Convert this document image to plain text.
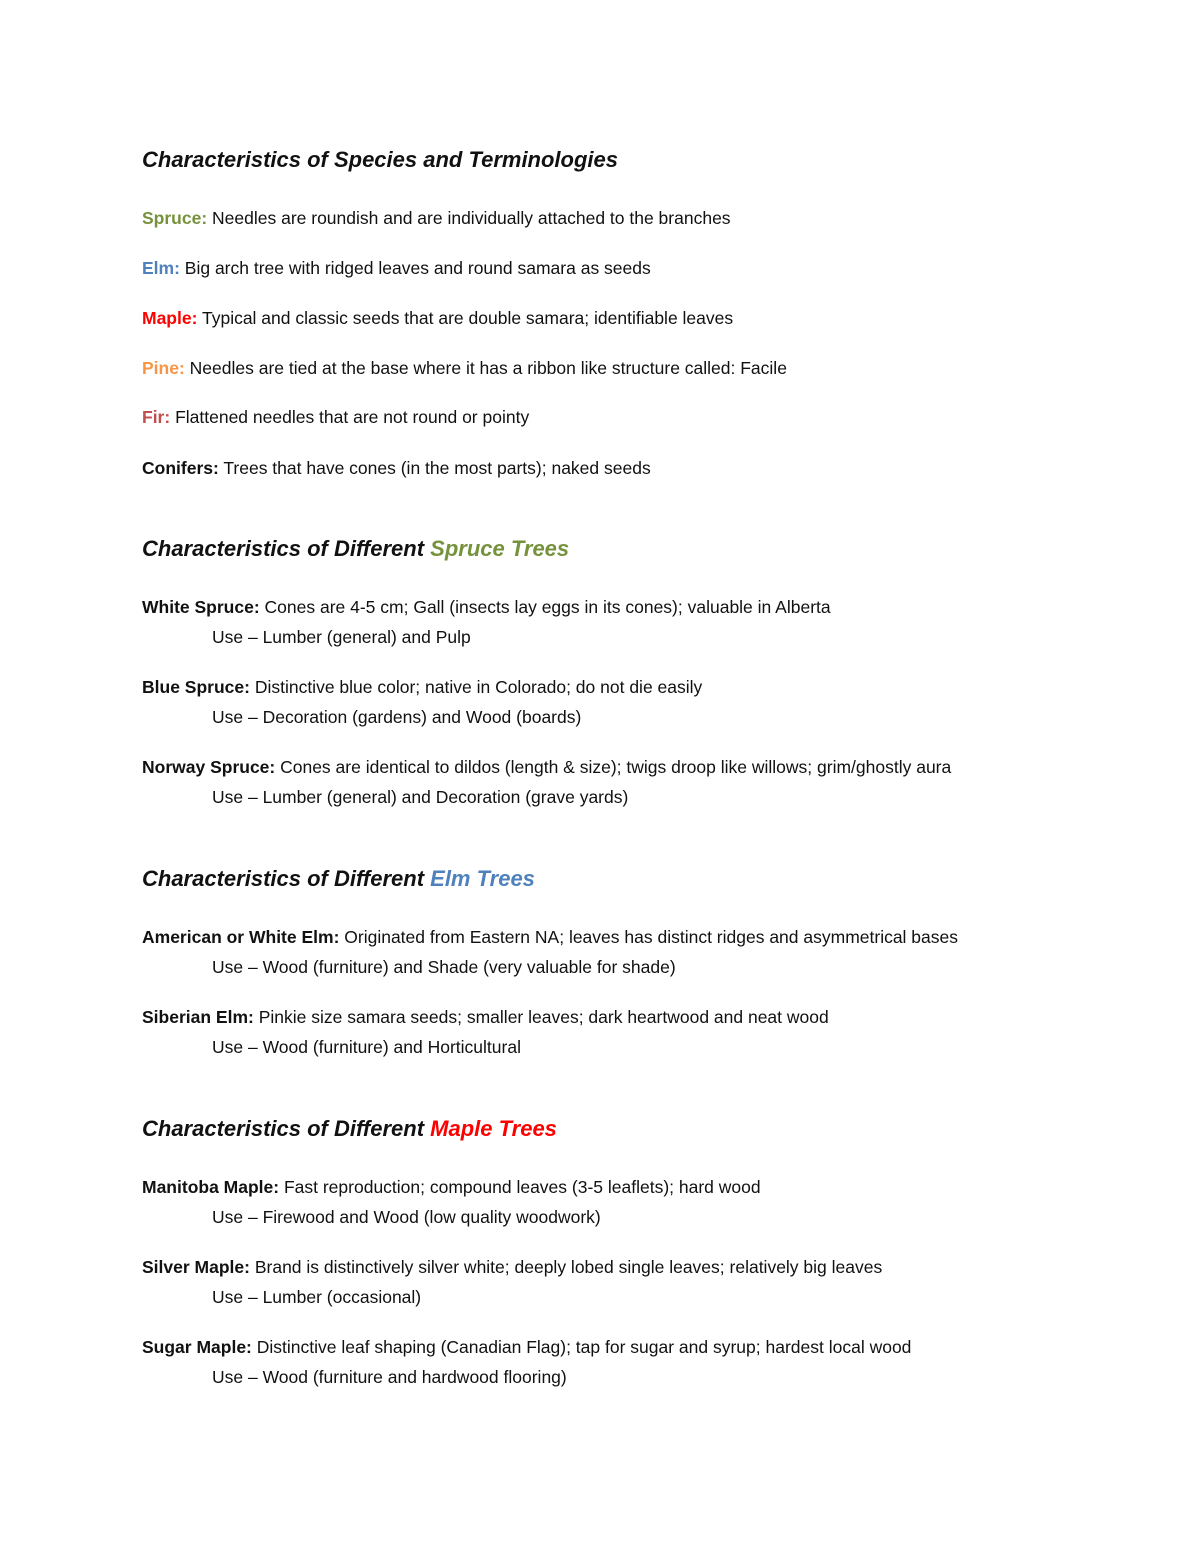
Characteristics of Species and Terminologies

Spruce: Needles are roundish and are individually attached to the branches

Elm: Big arch tree with ridged leaves and round samara as seeds

Maple: Typical and classic seeds that are double samara; identifiable leaves

Pine: Needles are tied at the base where it has a ribbon like structure called: Facile

Fir: Flattened needles that are not round or pointy

Conifers: Trees that have cones (in the most parts); naked seeds

Characteristics of Different Spruce Trees

White Spruce: Cones are 4-5 cm; Gall (insects lay eggs in its cones); valuable in Alberta

Use – Lumber (general) and Pulp

Blue Spruce: Distinctive blue color; native in Colorado; do not die easily

Use – Decoration (gardens) and Wood (boards)

Norway Spruce: Cones are identical to dildos (length & size); twigs droop like willows; grim/ghostly aura

Use – Lumber (general) and Decoration (grave yards)

Characteristics of Different Elm Trees

American or White Elm: Originated from Eastern NA; leaves has distinct ridges and asymmetrical bases

Use – Wood (furniture) and Shade (very valuable for shade)

Siberian Elm: Pinkie size samara seeds; smaller leaves; dark heartwood and neat wood

Use – Wood (furniture) and Horticultural

Characteristics of Different Maple Trees

Manitoba Maple: Fast reproduction; compound leaves (3-5 leaflets); hard wood

Use – Firewood and Wood (low quality woodwork)

Silver Maple: Brand is distinctively silver white; deeply lobed single leaves; relatively big leaves

Use – Lumber (occasional)

Sugar Maple: Distinctive leaf shaping (Canadian Flag); tap for sugar and syrup; hardest local wood

Use – Wood (furniture and hardwood flooring)
